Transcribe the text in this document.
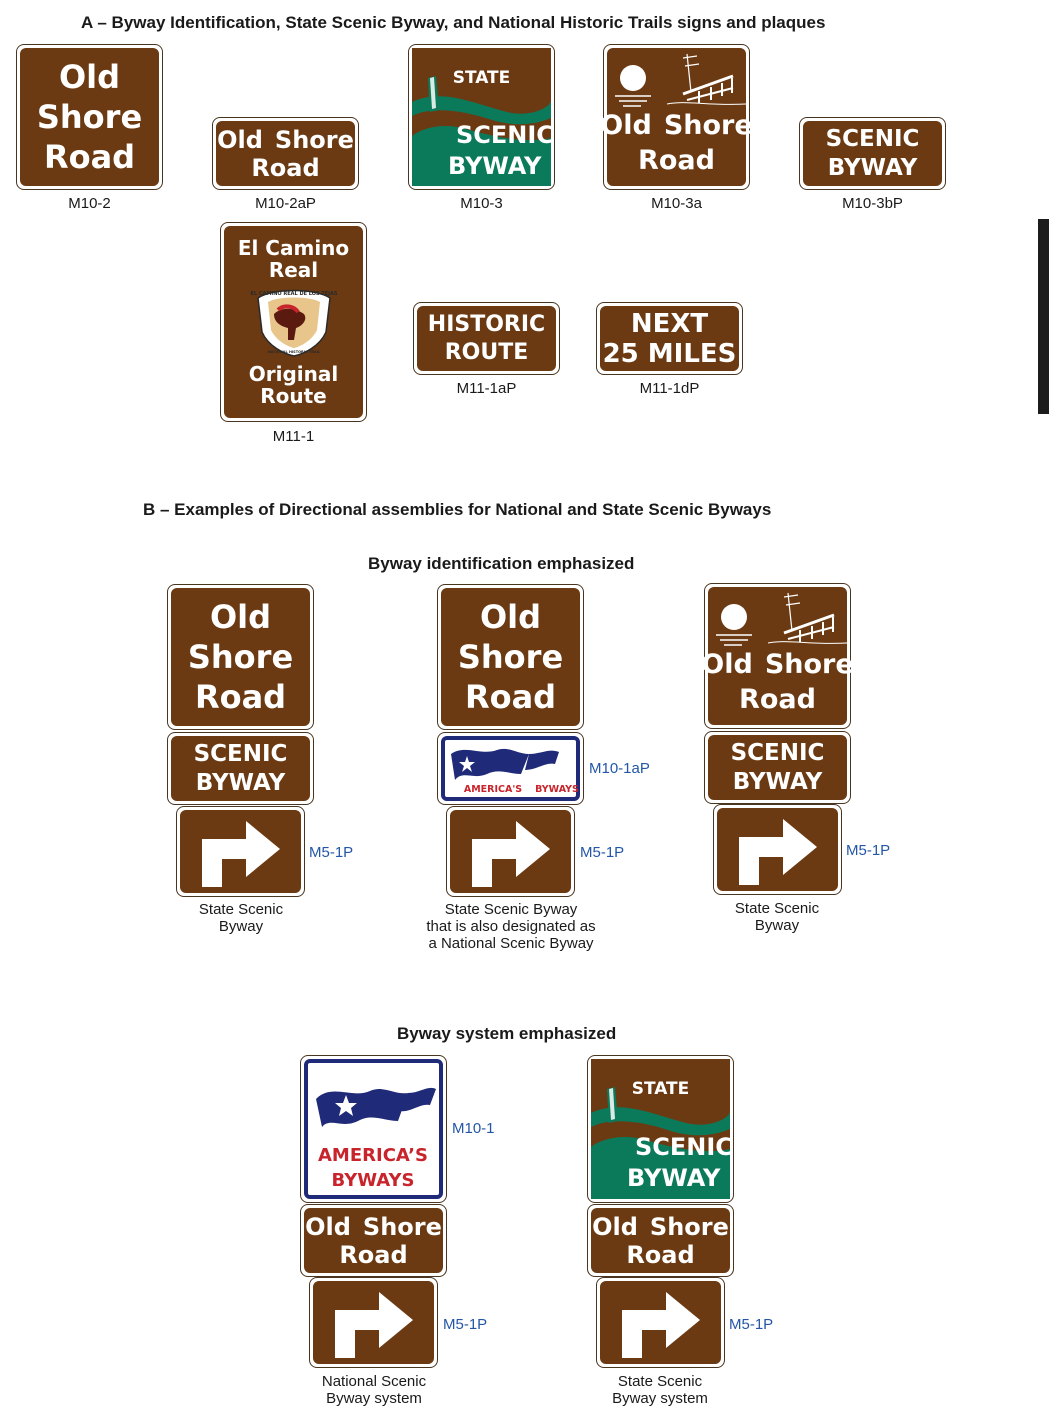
A – Byway Identification, State Scenic Byway, and National Historic Trails signs and plaques
Old
Shore
Road
M10-2
Old Shore
Road
M10-2aP
STATE
SCENIC
BYWAY
M10-3
Old Shore
Road
M10-3a
SCENIC
BYWAY
M10-3bP
El Camino
Real
EL CAMINO REAL DE LOS TEJAS
NATIONAL HISTORIC TRAIL
Original
Route
M11-1
HISTORIC
ROUTE
M11-1aP
NEXT
25 MILES
M11-1dP
B – Examples of Directional assemblies for National and State Scenic Byways
Byway identification emphasized
Old
Shore
Road
SCENIC
BYWAY
M5-1P
State Scenic
Byway
Old
Shore
Road
AMERICA'S BYWAYS
M10-1aP
M5-1P
State Scenic Byway
that is also designated as
a National Scenic Byway
Old Shore
Road
SCENIC
BYWAY
M5-1P
State Scenic
Byway
Byway system emphasized
AMERICA’S
BYWAYS
M10-1
Old Shore
Road
M5-1P
National Scenic
Byway system
STATE
SCENIC
BYWAY
Old Shore
Road
M5-1P
State Scenic
Byway system
